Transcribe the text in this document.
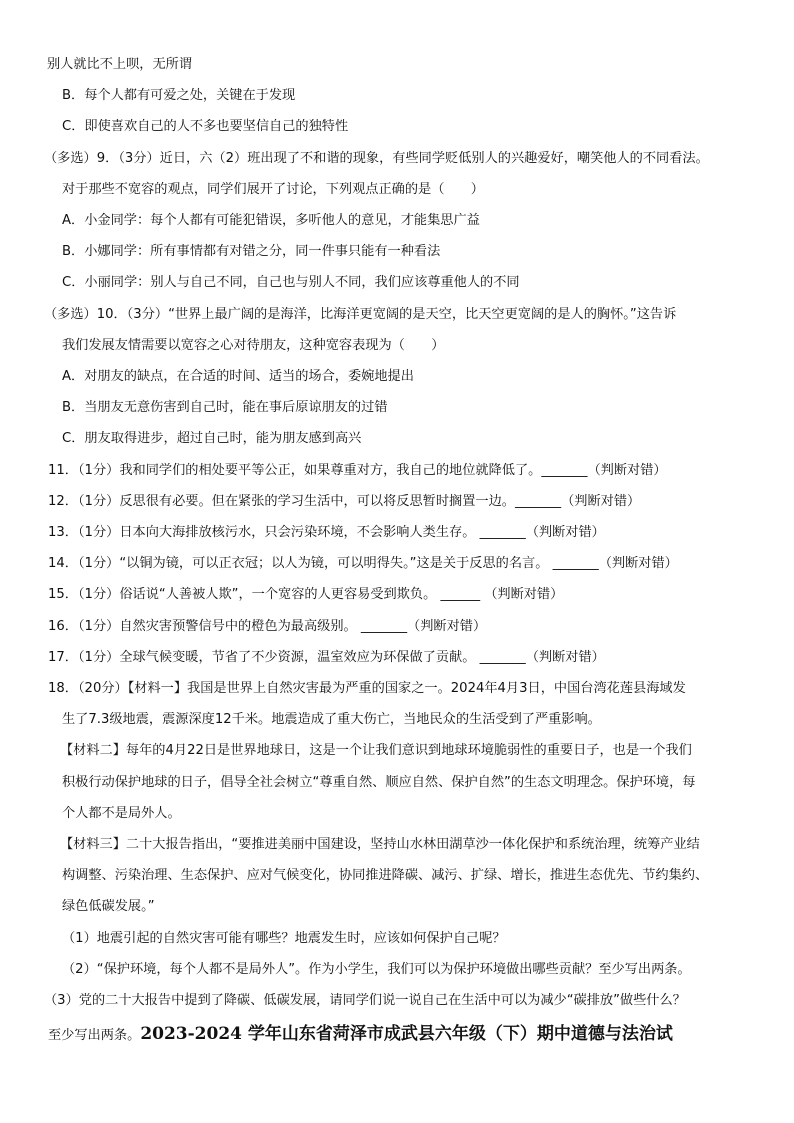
别人就比不上呗，无所谓
B．每个人都有可爱之处，关键在于发现
C．即使喜欢自己的人不多也要坚信自己的独特性
（多选）9．（3分）近日，六（2）班出现了不和谐的现象，有些同学贬低别人的兴趣爱好，嘲笑他人的不同看法。
对于那些不宽容的观点，同学们展开了讨论，下列观点正确的是（　　）
A．小金同学：每个人都有可能犯错误，多听他人的意见，才能集思广益
B．小娜同学：所有事情都有对错之分，同一件事只能有一种看法
C．小丽同学：别人与自己不同，自己也与别人不同，我们应该尊重他人的不同
（多选）10．（3分）“世界上最广阔的是海洋，比海洋更宽阔的是天空，比天空更宽阔的是人的胸怀。”这告诉
我们发展友情需要以宽容之心对待朋友，这种宽容表现为（　　）
A．对朋友的缺点，在合适的时间、适当的场合，委婉地提出
B．当朋友无意伤害到自己时，能在事后原谅朋友的过错
C．朋友取得进步，超过自己时，能为朋友感到高兴
11．（1分）我和同学们的相处要平等公正，如果尊重对方，我自己的地位就降低了。_______（判断对错）
12．（1分）反思很有必要。但在紧张的学习生活中，可以将反思暂时搁置一边。_______（判断对错）
13．（1分）日本向大海排放核污水，只会污染环境，不会影响人类生存。 _______（判断对错）
14．（1分）“以铜为镜，可以正衣冠；以人为镜，可以明得失。”这是关于反思的名言。 _______（判断对错）
15．（1分）俗话说“人善被人欺”，一个宽容的人更容易受到欺负。 ______ （判断对错）
16．（1分）自然灾害预警信号中的橙色为最高级别。 _______（判断对错）
17．（1分）全球气候变暖，节省了不少资源，温室效应为环保做了贡献。 _______（判断对错）
18．（20分）【材料一】我国是世界上自然灾害最为严重的国家之一。2024年4月3日，中国台湾花莲县海域发
生了7.3级地震，震源深度12千米。地震造成了重大伤亡，当地民众的生活受到了严重影响。
【材料二】每年的4月22日是世界地球日，这是一个让我们意识到地球环境脆弱性的重要日子，也是一个我们
积极行动保护地球的日子，倡导全社会树立“尊重自然、顺应自然、保护自然”的生态文明理念。保护环境，每
个人都不是局外人。
【材料三】二十大报告指出，“要推进美丽中国建设，坚持山水林田湖草沙一体化保护和系统治理，统筹产业结
构调整、污染治理、生态保护、应对气候变化，协同推进降碳、减污、扩绿、增长，推进生态优先、节约集约、
绿色低碳发展。”
（1）地震引起的自然灾害可能有哪些？地震发生时，应该如何保护自己呢？
（2）“保护环境，每个人都不是局外人”。作为小学生，我们可以为保护环境做出哪些贡献？至少写出两条。
（3）党的二十大报告中提到了降碳、低碳发展，请同学们说一说自己在生活中可以为减少“碳排放”做些什么？
至少写出两条。2023-2024 学年山东省菏泽市成武县六年级（下）期中道德与法治试
